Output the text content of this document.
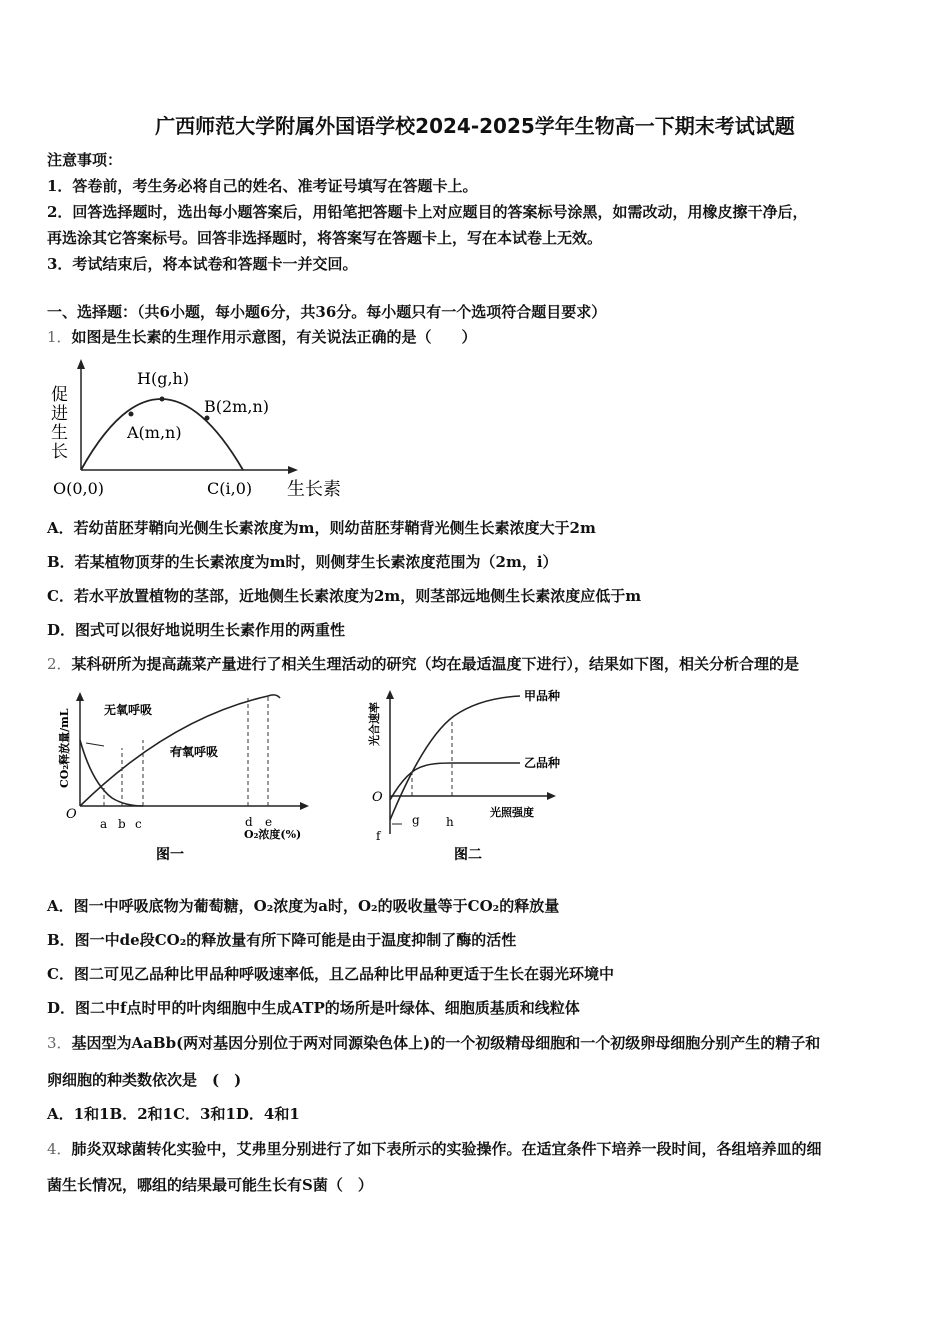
广西师范大学附属外国语学校2024-2025学年生物高一下期末考试试题
注意事项：
1．答卷前，考生务必将自己的姓名、准考证号填写在答题卡上。
2．回答选择题时，选出每小题答案后，用铅笔把答题卡上对应题目的答案标号涂黑，如需改动，用橡皮擦干净后，
再选涂其它答案标号。回答非选择题时，将答案写在答题卡上，写在本试卷上无效。
3．考试结束后，将本试卷和答题卡一并交回。
一、选择题：（共6小题，每小题6分，共36分。每小题只有一个选项符合题目要求）
1．如图是生长素的生理作用示意图，有关说法正确的是（　　）
促
进
生
长
H(g,h)
A(m,n)
B(2m,n)
O(0,0)	C(i,0) 生长素
A．若幼苗胚芽鞘向光侧生长素浓度为m，则幼苗胚芽鞘背光侧生长素浓度大于2m
B．若某植物顶芽的生长素浓度为m时，则侧芽生长素浓度范围为（2m，i）
C．若水平放置植物的茎部，近地侧生长素浓度为2m，则茎部远地侧生长素浓度应低于m
D．图式可以很好地说明生长素作用的两重性
2．某科研所为提高蔬菜产量进行了相关生理活动的研究（均在最适温度下进行），结果如下图，相关分析合理的是
CO₂释放量/mL	无氧呼吸
有氧呼吸
O
a b c	d e
O₂浓度(%)
图一
光合速率
甲品种
乙品种
O
f
g h
光照强度
图二
A．图一中呼吸底物为葡萄糖，O₂浓度为a时，O₂的吸收量等于CO₂的释放量
B．图一中de段CO₂的释放量有所下降可能是由于温度抑制了酶的活性
C．图二可见乙品种比甲品种呼吸速率低，且乙品种比甲品种更适于生长在弱光环境中
D．图二中f点时甲的叶肉细胞中生成ATP的场所是叶绿体、细胞质基质和线粒体
3．基因型为AaBb(两对基因分别位于两对同源染色体上)的一个初级精母细胞和一个初级卵母细胞分别产生的精子和
卵细胞的种类数依次是　(　)
A．1和1B．2和1C．3和1D．4和1
4．肺炎双球菌转化实验中，艾弗里分别进行了如下表所示的实验操作。在适宜条件下培养一段时间，各组培养皿的细
菌生长情况，哪组的结果最可能生长有S菌（　）
